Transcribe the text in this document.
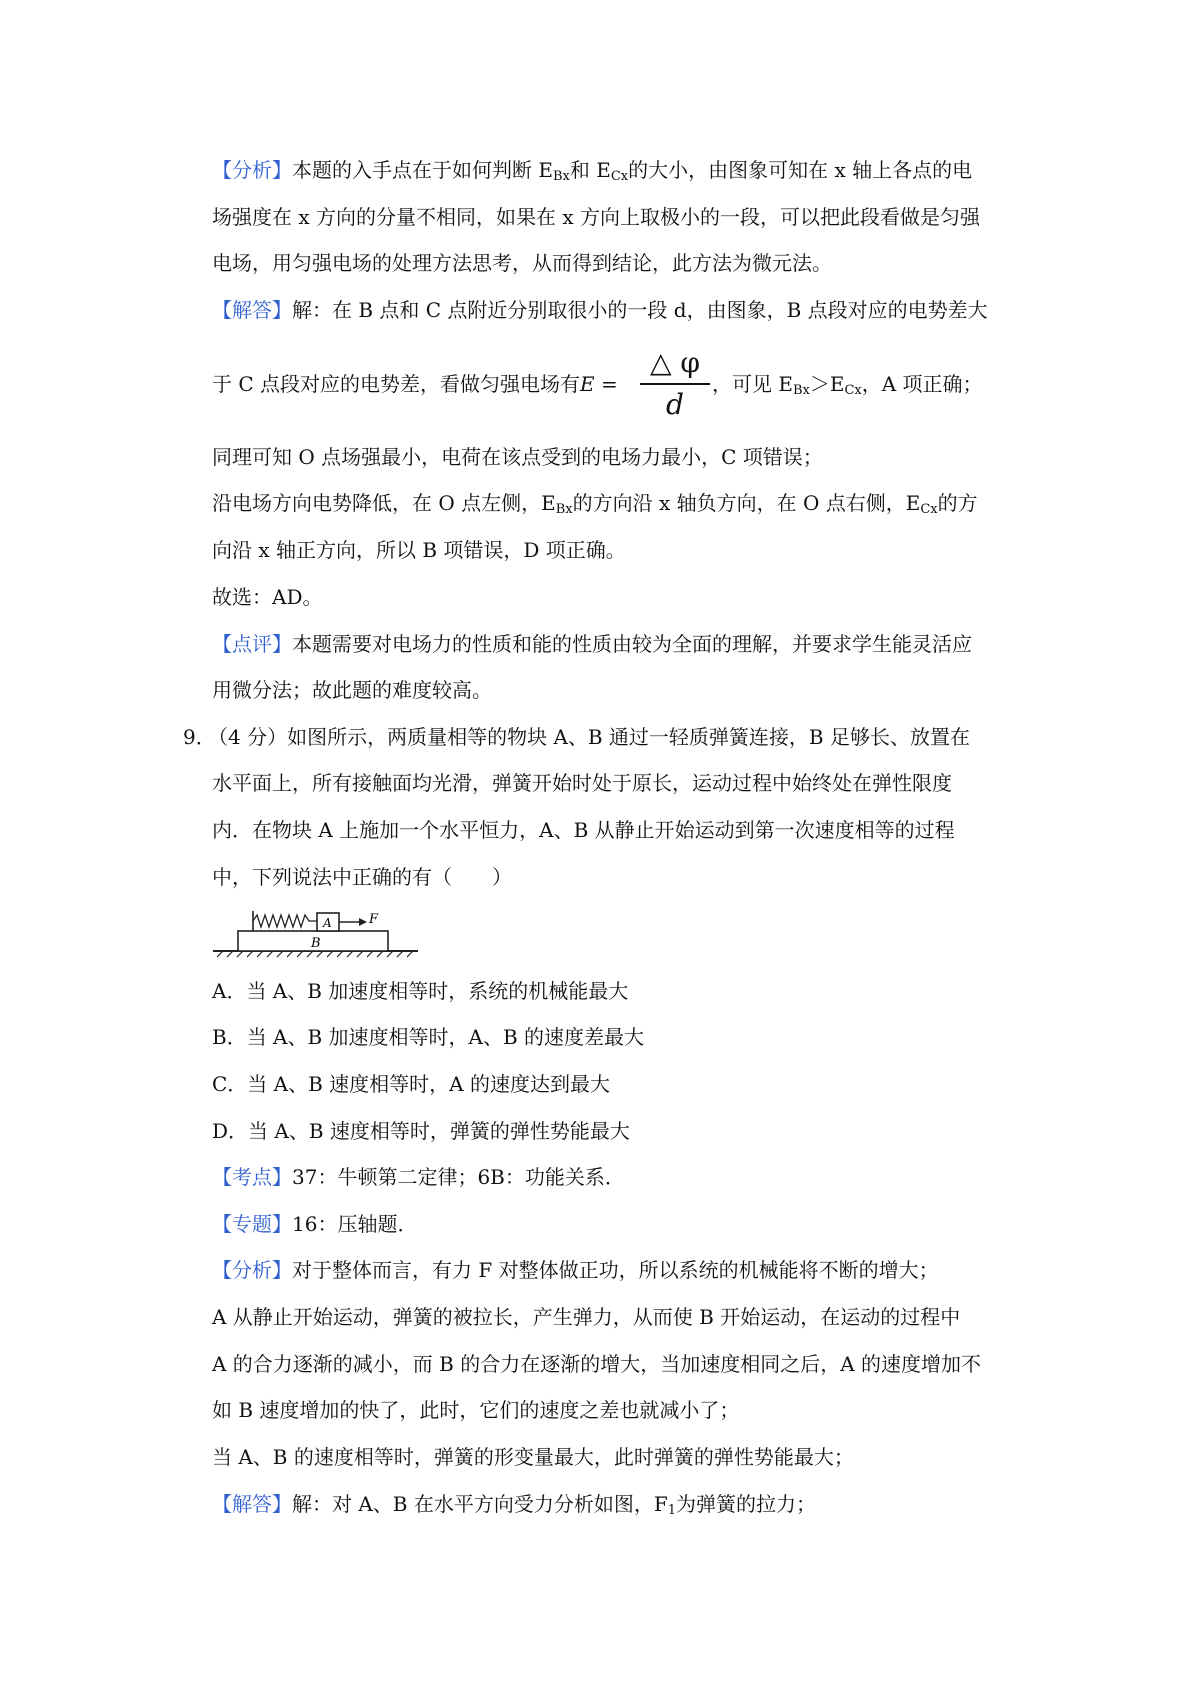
【分析】本题的入手点在于如何判断 $E_{Bx}$和 $E_{Cx}$的大小，由图象可知在 x 轴上各点的电
场强度在 x 方向的分量不相同，如果在 x 方向上取极小的一段，可以把此段看做是匀强
电场，用匀强电场的处理方法思考，从而得到结论，此方法为微元法。
【解答】解：在 B 点和 C 点附近分别取很小的一段 d，由图象，B 点段对应的电势差大
于 C 点段对应的电势差，看做匀强电场有E =
△ φ
d
，可见 $E_{Bx}>E_{Cx}$，A 项正确；
同理可知 O 点场强最小，电荷在该点受到的电场力最小，C 项错误；
沿电场方向电势降低，在 O 点左侧，$E_{Bx}$的方向沿 x 轴负方向，在 O 点右侧，$E_{Cx}$的方
向沿 x 轴正方向，所以 B 项错误，D 项正确。
故选：AD。
【点评】本题需要对电场力的性质和能的性质由较为全面的理解，并要求学生能灵活应
用微分法；故此题的难度较高。
9．
（4 分）如图所示，两质量相等的物块 A、B 通过一轻质弹簧连接，B 足够长、放置在
水平面上，所有接触面均光滑，弹簧开始时处于原长，运动过程中始终处在弹性限度
内．在物块 A 上施加一个水平恒力，A、B 从静止开始运动到第一次速度相等的过程
中，下列说法中正确的有（　　）
B
A	F
A．当 A、B 加速度相等时，系统的机械能最大
B．当 A、B 加速度相等时，A、B 的速度差最大
C．当 A、B 速度相等时，A 的速度达到最大
D．当 A、B 速度相等时，弹簧的弹性势能最大
【考点】37：牛顿第二定律；6B：功能关系．
【专题】16：压轴题．
【分析】对于整体而言，有力 F 对整体做正功，所以系统的机械能将不断的增大；
A 从静止开始运动，弹簧的被拉长，产生弹力，从而使 B 开始运动，在运动的过程中
A 的合力逐渐的减小，而 B 的合力在逐渐的增大，当加速度相同之后，A 的速度增加不
如 B 速度增加的快了，此时，它们的速度之差也就减小了；
当 A、B 的速度相等时，弹簧的形变量最大，此时弹簧的弹性势能最大；
【解答】解：对 A、B 在水平方向受力分析如图，$F_1$为弹簧的拉力；
